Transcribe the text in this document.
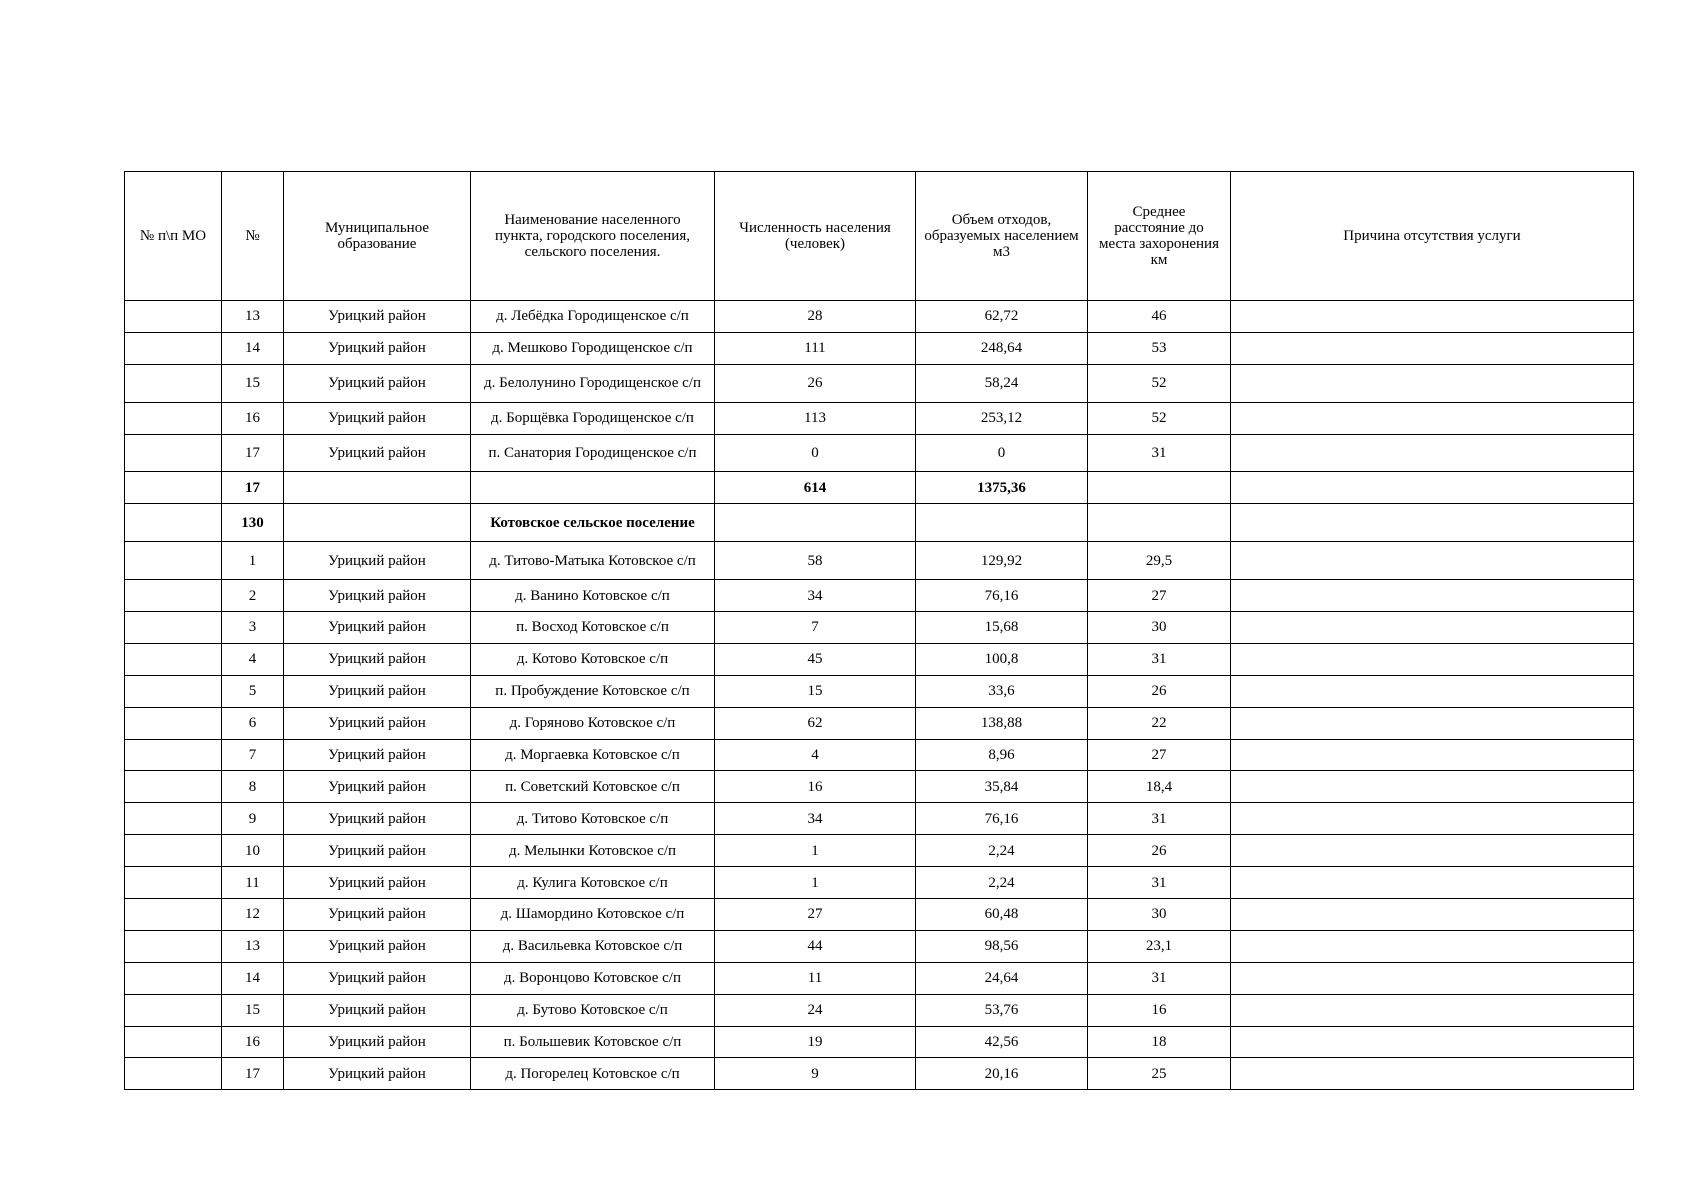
№ п\п МО	№	Муниципальное образование	Наименование населенного пункта, городского поселения, сельского поселения.	Численность населения (человек)	Объем отходов, образуемых населением м3	Среднее расстояние до места захоронения км	Причина отсутствия услуги
	13	Урицкий район	д. Лебёдка Городищенское с/п	28	62,72	46	
	14	Урицкий район	д. Мешково Городищенское с/п	111	248,64	53	
	15	Урицкий район	д. Белолунино Городищенское с/п	26	58,24	52	
	16	Урицкий район	д. Борщёвка Городищенское с/п	113	253,12	52	
	17	Урицкий район	п. Санатория Городищенское с/п	0	0	31	
	17			614	1375,36		
	130		Котовское сельское поселение				
	1	Урицкий район	д. Титово-Матыка Котовское с/п	58	129,92	29,5	
	2	Урицкий район	д. Ванино Котовское с/п	34	76,16	27	
	3	Урицкий район	п. Восход Котовское с/п	7	15,68	30	
	4	Урицкий район	д. Котово Котовское с/п	45	100,8	31	
	5	Урицкий район	п. Пробуждение Котовское с/п	15	33,6	26	
	6	Урицкий район	д. Горяново Котовское с/п	62	138,88	22	
	7	Урицкий район	д. Моргаевка Котовское с/п	4	8,96	27	
	8	Урицкий район	п. Советский Котовское с/п	16	35,84	18,4	
	9	Урицкий район	д. Титово Котовское с/п	34	76,16	31	
	10	Урицкий район	д. Мелынки Котовское с/п	1	2,24	26	
	11	Урицкий район	д. Кулига Котовское с/п	1	2,24	31	
	12	Урицкий район	д. Шамордино Котовское с/п	27	60,48	30	
	13	Урицкий район	д. Васильевка Котовское с/п	44	98,56	23,1	
	14	Урицкий район	д. Воронцово Котовское с/п	11	24,64	31	
	15	Урицкий район	д. Бутово Котовское с/п	24	53,76	16	
	16	Урицкий район	п. Большевик Котовское с/п	19	42,56	18	
	17	Урицкий район	д. Погорелец Котовское с/п	9	20,16	25	
